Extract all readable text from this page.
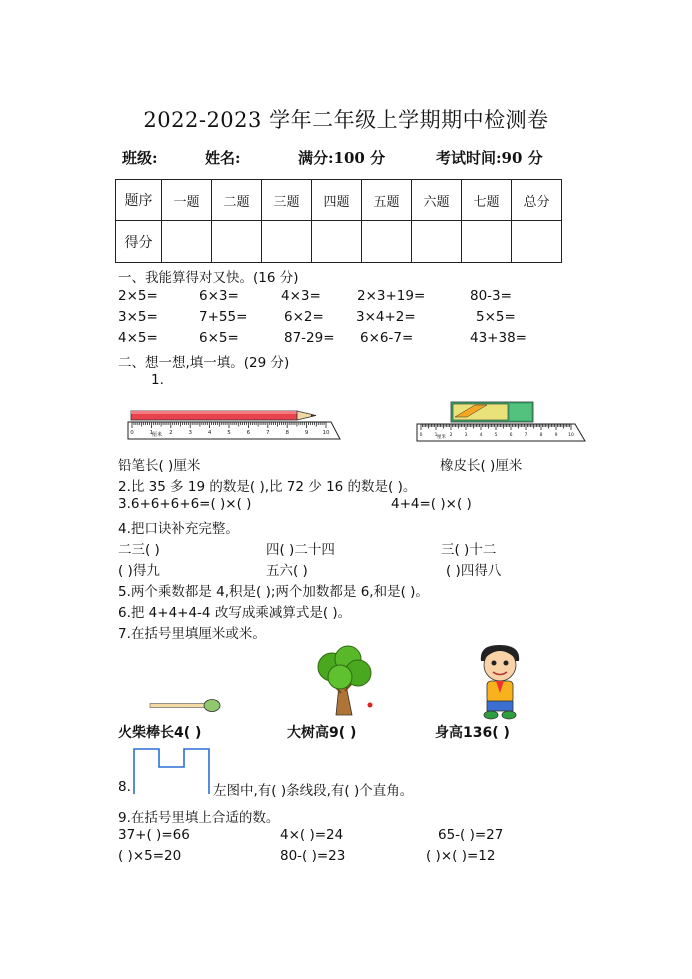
2022-2023 学年二年级上学期期中检测卷
班级:	姓名:	满分:100 分	考试时间:90 分
题序	一题	二题	三题	四题	五题	六题	七题	总分
得分								
一、我能算得对又快。(16 分)
2×5=	6×3=	4×3=	2×3+19=	80-3=
3×5=	7+55=	6×2= 3×4+2=	5×5=
4×5=	6×5=	87-29= 6×6-7=	43+38=
二、想一想,填一填。(29 分)
1.
0	1	2	3	4	5	6	7	8	9	10
厘米	0	1	2	3	4	5	6	7	8	9 10
厘米
铅笔长( )厘米	橡皮长( )厘米
2.比 35 多 19 的数是( ),比 72 少 16 的数是( )。
3.6+6+6+6=( )×( )	4+4=( )×( )
4.把口诀补充完整。
二三( )	四( )二十四	三( )十二
( )得九	五六( )	( )四得八
5.两个乘数都是 4,积是( );两个加数都是 6,和是( )。
6.把 4+4+4-4 改写成乘减算式是( )。
7.在括号里填厘米或米。
火柴棒长4( )	大树高9( )	身高136( )
8.	左图中,有( )条线段,有( )个直角。
9.在括号里填上合适的数。
37+( )=66	4×( )=24	65-( )=27
( )×5=20	80-( )=23	( )×( )=12
